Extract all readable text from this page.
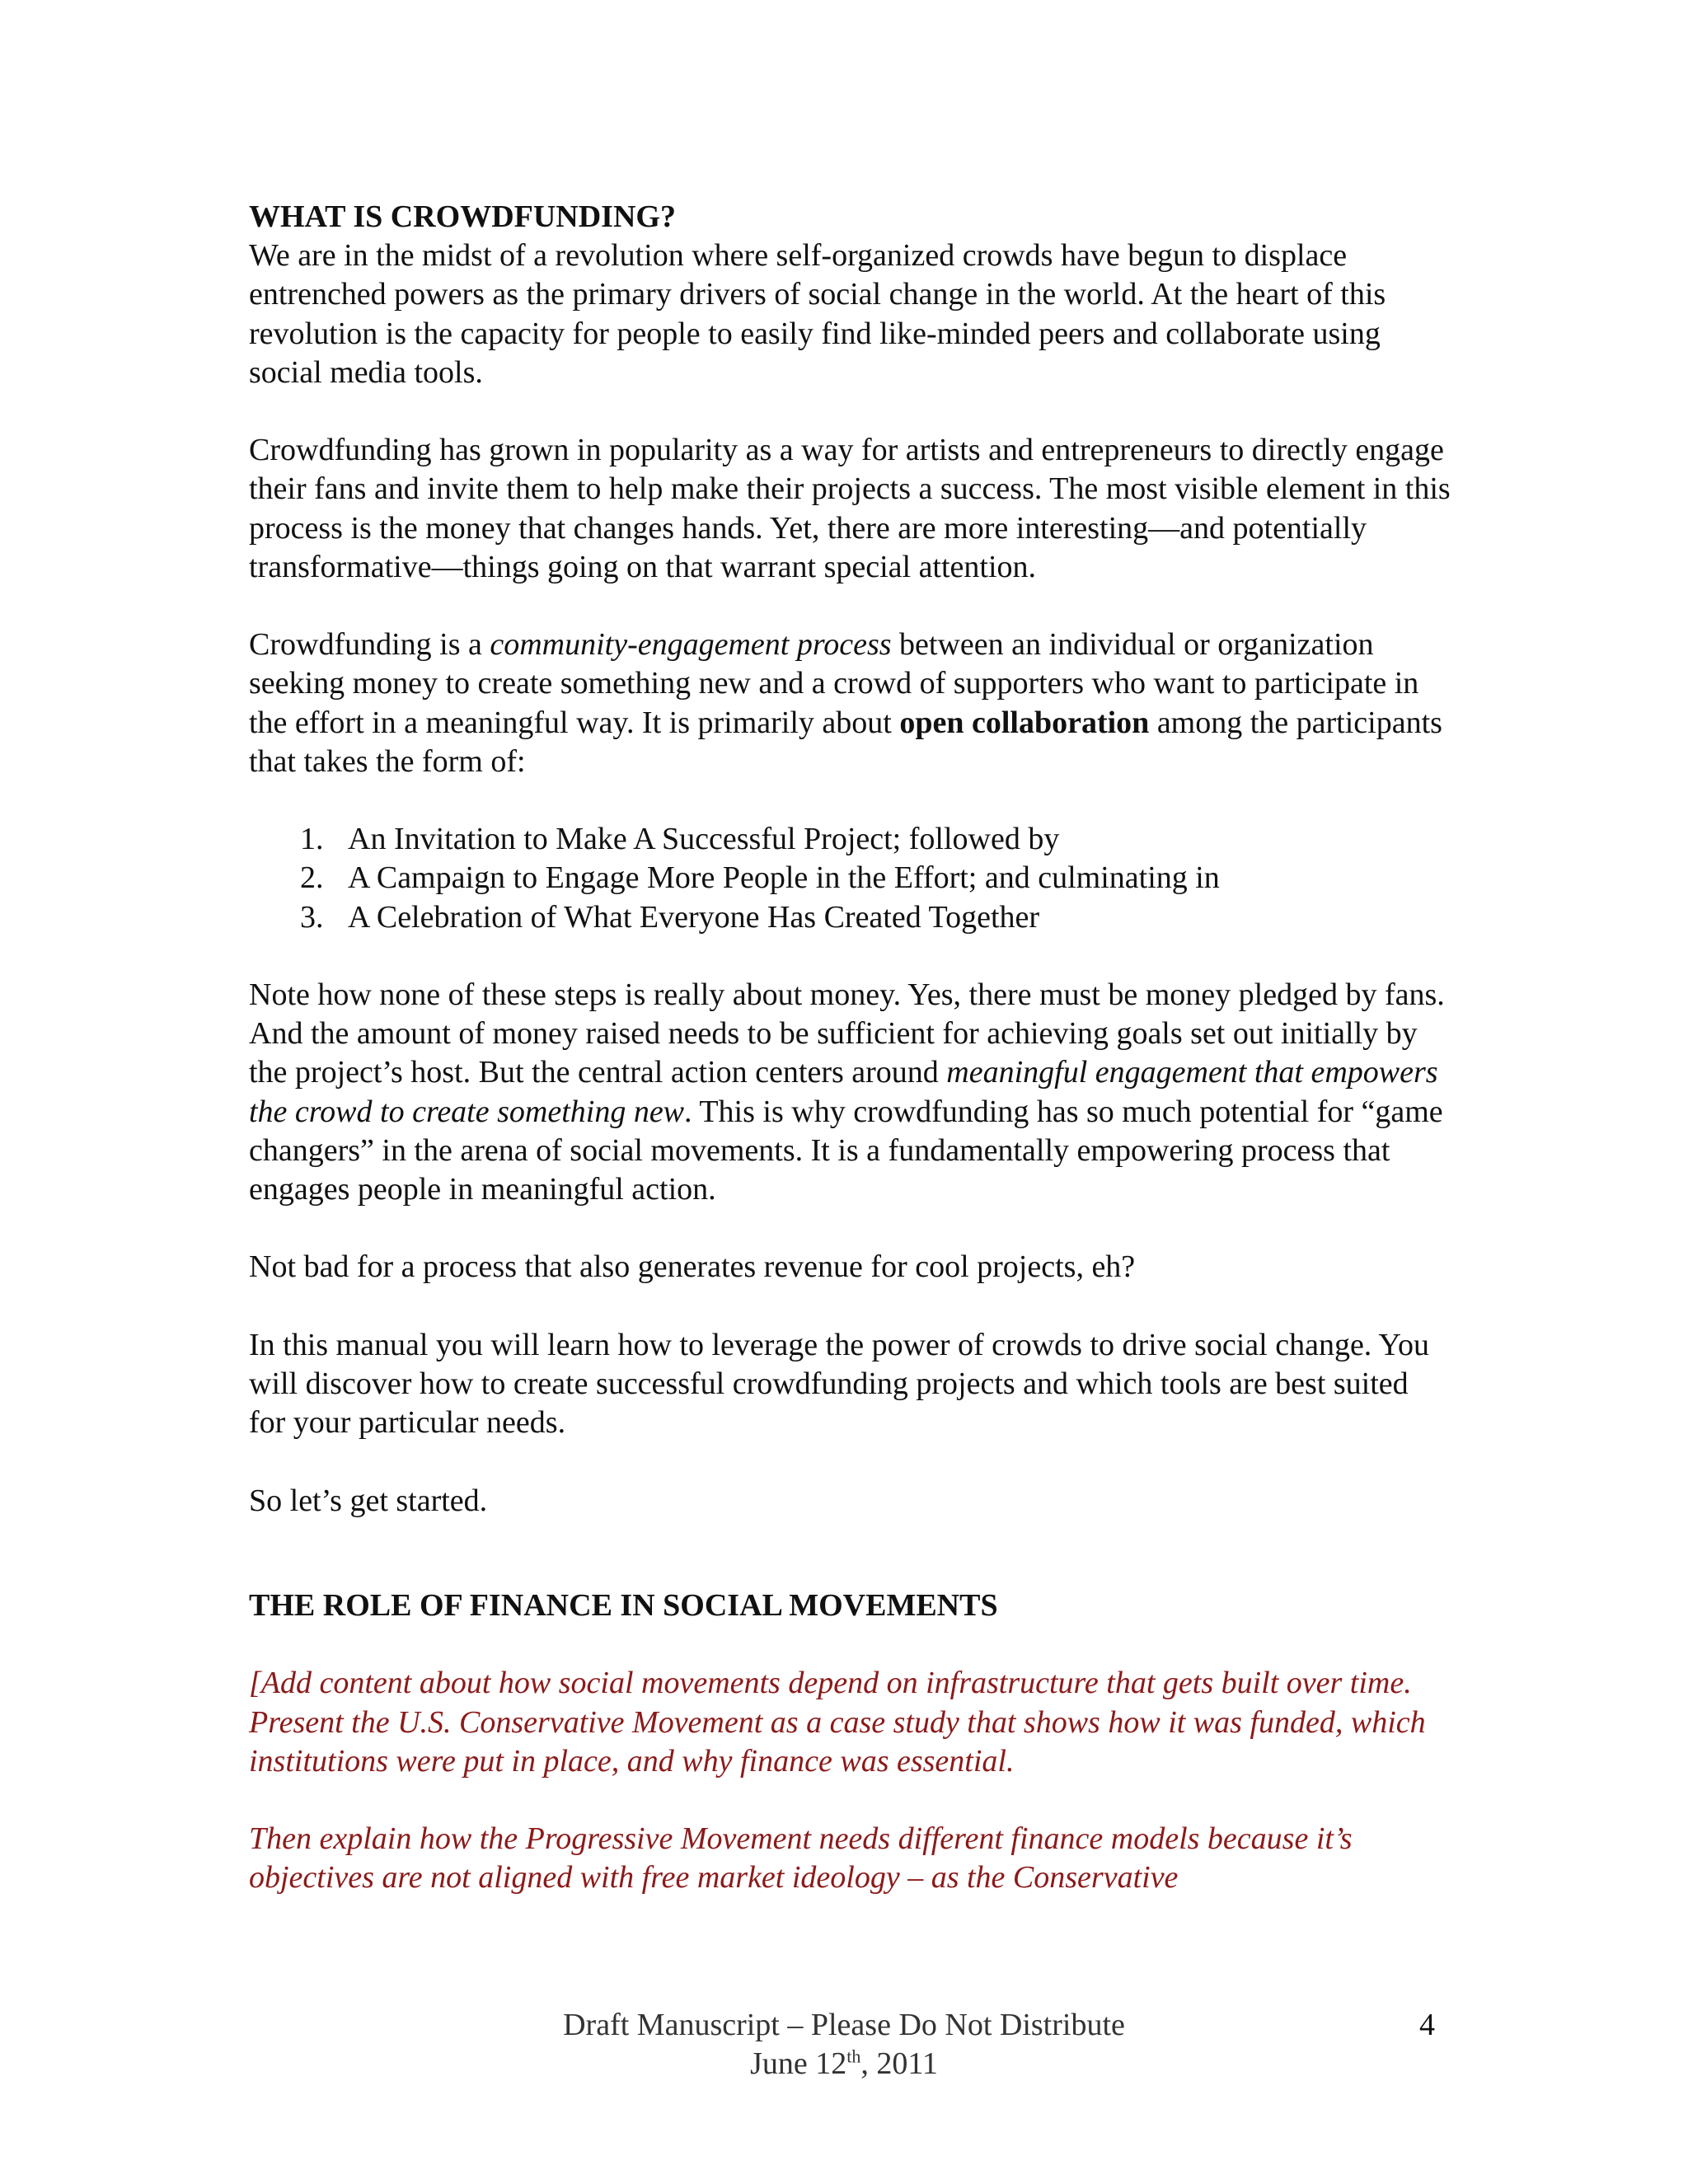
WHAT IS CROWDFUNDING?

We are in the midst of a revolution where self-organized crowds have begun to displace entrenched powers as the primary drivers of social change in the world. At the heart of this revolution is the capacity for people to easily find like-minded peers and collaborate using social media tools.

Crowdfunding has grown in popularity as a way for artists and entrepreneurs to directly engage their fans and invite them to help make their projects a success. The most visible element in this process is the money that changes hands. Yet, there are more interesting—and potentially transformative—things going on that warrant special attention.

Crowdfunding is a community-engagement process between an individual or organization seeking money to create something new and a crowd of supporters who want to participate in the effort in a meaningful way. It is primarily about open collaboration among the participants that takes the form of:

1. An Invitation to Make A Successful Project; followed by
2. A Campaign to Engage More People in the Effort; and culminating in
3. A Celebration of What Everyone Has Created Together

Note how none of these steps is really about money. Yes, there must be money pledged by fans. And the amount of money raised needs to be sufficient for achieving goals set out initially by the project’s host. But the central action centers around meaningful engagement that empowers the crowd to create something new. This is why crowdfunding has so much potential for “game changers” in the arena of social movements. It is a fundamentally empowering process that engages people in meaningful action.

Not bad for a process that also generates revenue for cool projects, eh?

In this manual you will learn how to leverage the power of crowds to drive social change. You will discover how to create successful crowdfunding projects and which tools are best suited for your particular needs.

So let’s get started.

THE ROLE OF FINANCE IN SOCIAL MOVEMENTS

[Add content about how social movements depend on infrastructure that gets built over time. Present the U.S. Conservative Movement as a case study that shows how it was funded, which institutions were put in place, and why finance was essential.

Then explain how the Progressive Movement needs different finance models because it’s objectives are not aligned with free market ideology – as the Conservative

Draft Manuscript – Please Do Not Distribute
June 12th, 2011
4
